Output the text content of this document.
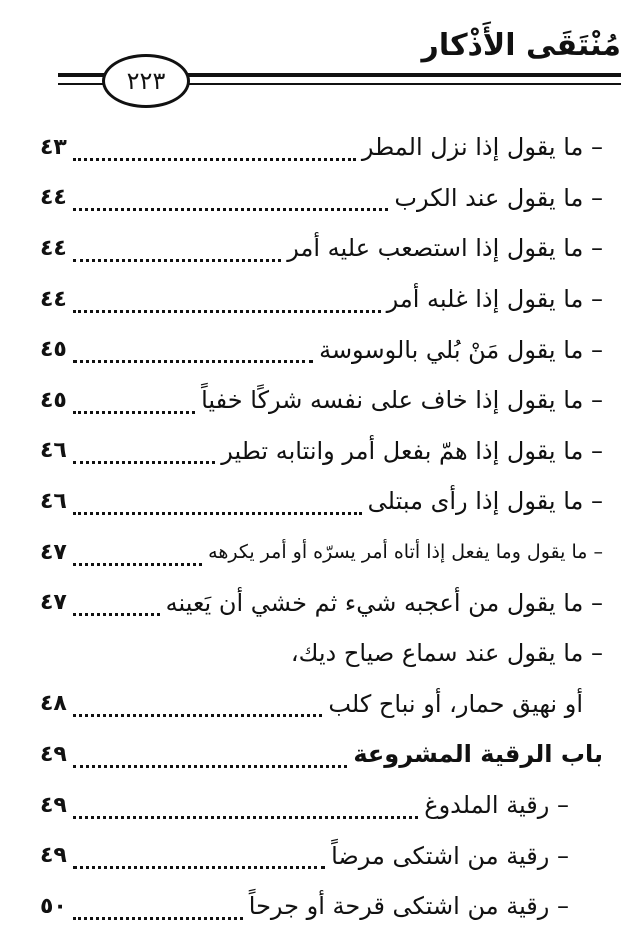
مُنْتَقَى الأَذْكار
٢٢٣
– ما يقول إذا نزل المطر
٤٣
– ما يقول عند الكرب
٤٤
– ما يقول إذا استصعب عليه أمر
٤٤
– ما يقول إذا غلبه أمر
٤٤
– ما يقول مَنْ بُلي بالوسوسة
٤٥
– ما يقول إذا خاف على نفسه شركًا خفياً
٤٥
– ما يقول إذا همّ بفعل أمر وانتابه تطير
٤٦
– ما يقول إذا رأى مبتلى
٤٦
– ما يقول وما يفعل إذا أتاه أمر يسرّه أو أمر يكرهه
٤٧
– ما يقول من أعجبه شيء ثم خشي أن يَعينه
٤٧
– ما يقول عند سماع صياح ديك،
أو نهيق حمار، أو نباح كلب
٤٨
باب الرقية المشروعة
٤٩
– رقية الملدوغ
٤٩
– رقية من اشتكى مرضاً
٤٩
– رقية من اشتكى قرحة أو جرحاً
٥٠
